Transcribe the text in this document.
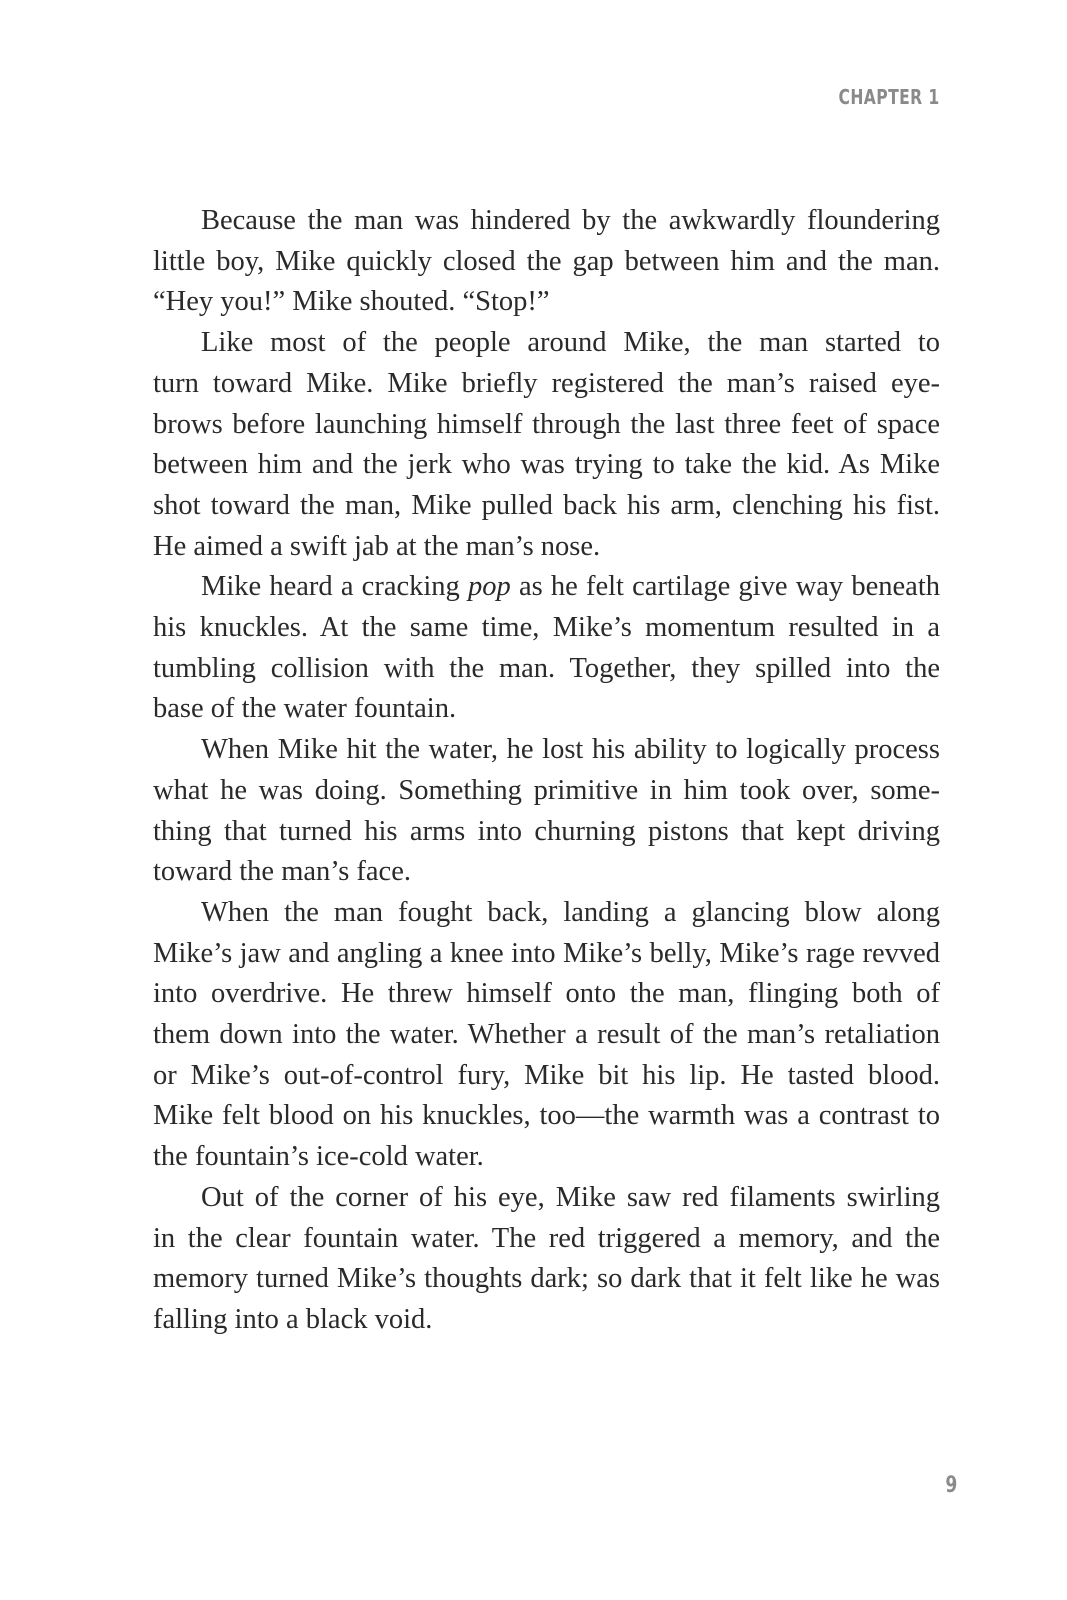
CHAPTER 1

Because the man was hindered by the awkwardly floundering
little boy, Mike quickly closed the gap between him and the man.
“Hey you!” Mike shouted. “Stop!”

Like most of the people around Mike, the man started to
turn toward Mike. Mike briefly registered the man’s raised eye-
brows before launching himself through the last three feet of space
between him and the jerk who was trying to take the kid. As Mike
shot toward the man, Mike pulled back his arm, clenching his fist.
He aimed a swift jab at the man’s nose.

Mike heard a cracking pop as he felt cartilage give way beneath
his knuckles. At the same time, Mike’s momentum resulted in a
tumbling collision with the man. Together, they spilled into the
base of the water fountain.

When Mike hit the water, he lost his ability to logically process
what he was doing. Something primitive in him took over, some-
thing that turned his arms into churning pistons that kept driving
toward the man’s face.

When the man fought back, landing a glancing blow along
Mike’s jaw and angling a knee into Mike’s belly, Mike’s rage revved
into overdrive. He threw himself onto the man, flinging both of
them down into the water. Whether a result of the man’s retaliation
or Mike’s out-of-control fury, Mike bit his lip. He tasted blood.
Mike felt blood on his knuckles, too—the warmth was a contrast to
the fountain’s ice-cold water.

Out of the corner of his eye, Mike saw red filaments swirling
in the clear fountain water. The red triggered a memory, and the
memory turned Mike’s thoughts dark; so dark that it felt like he was
falling into a black void.

9
